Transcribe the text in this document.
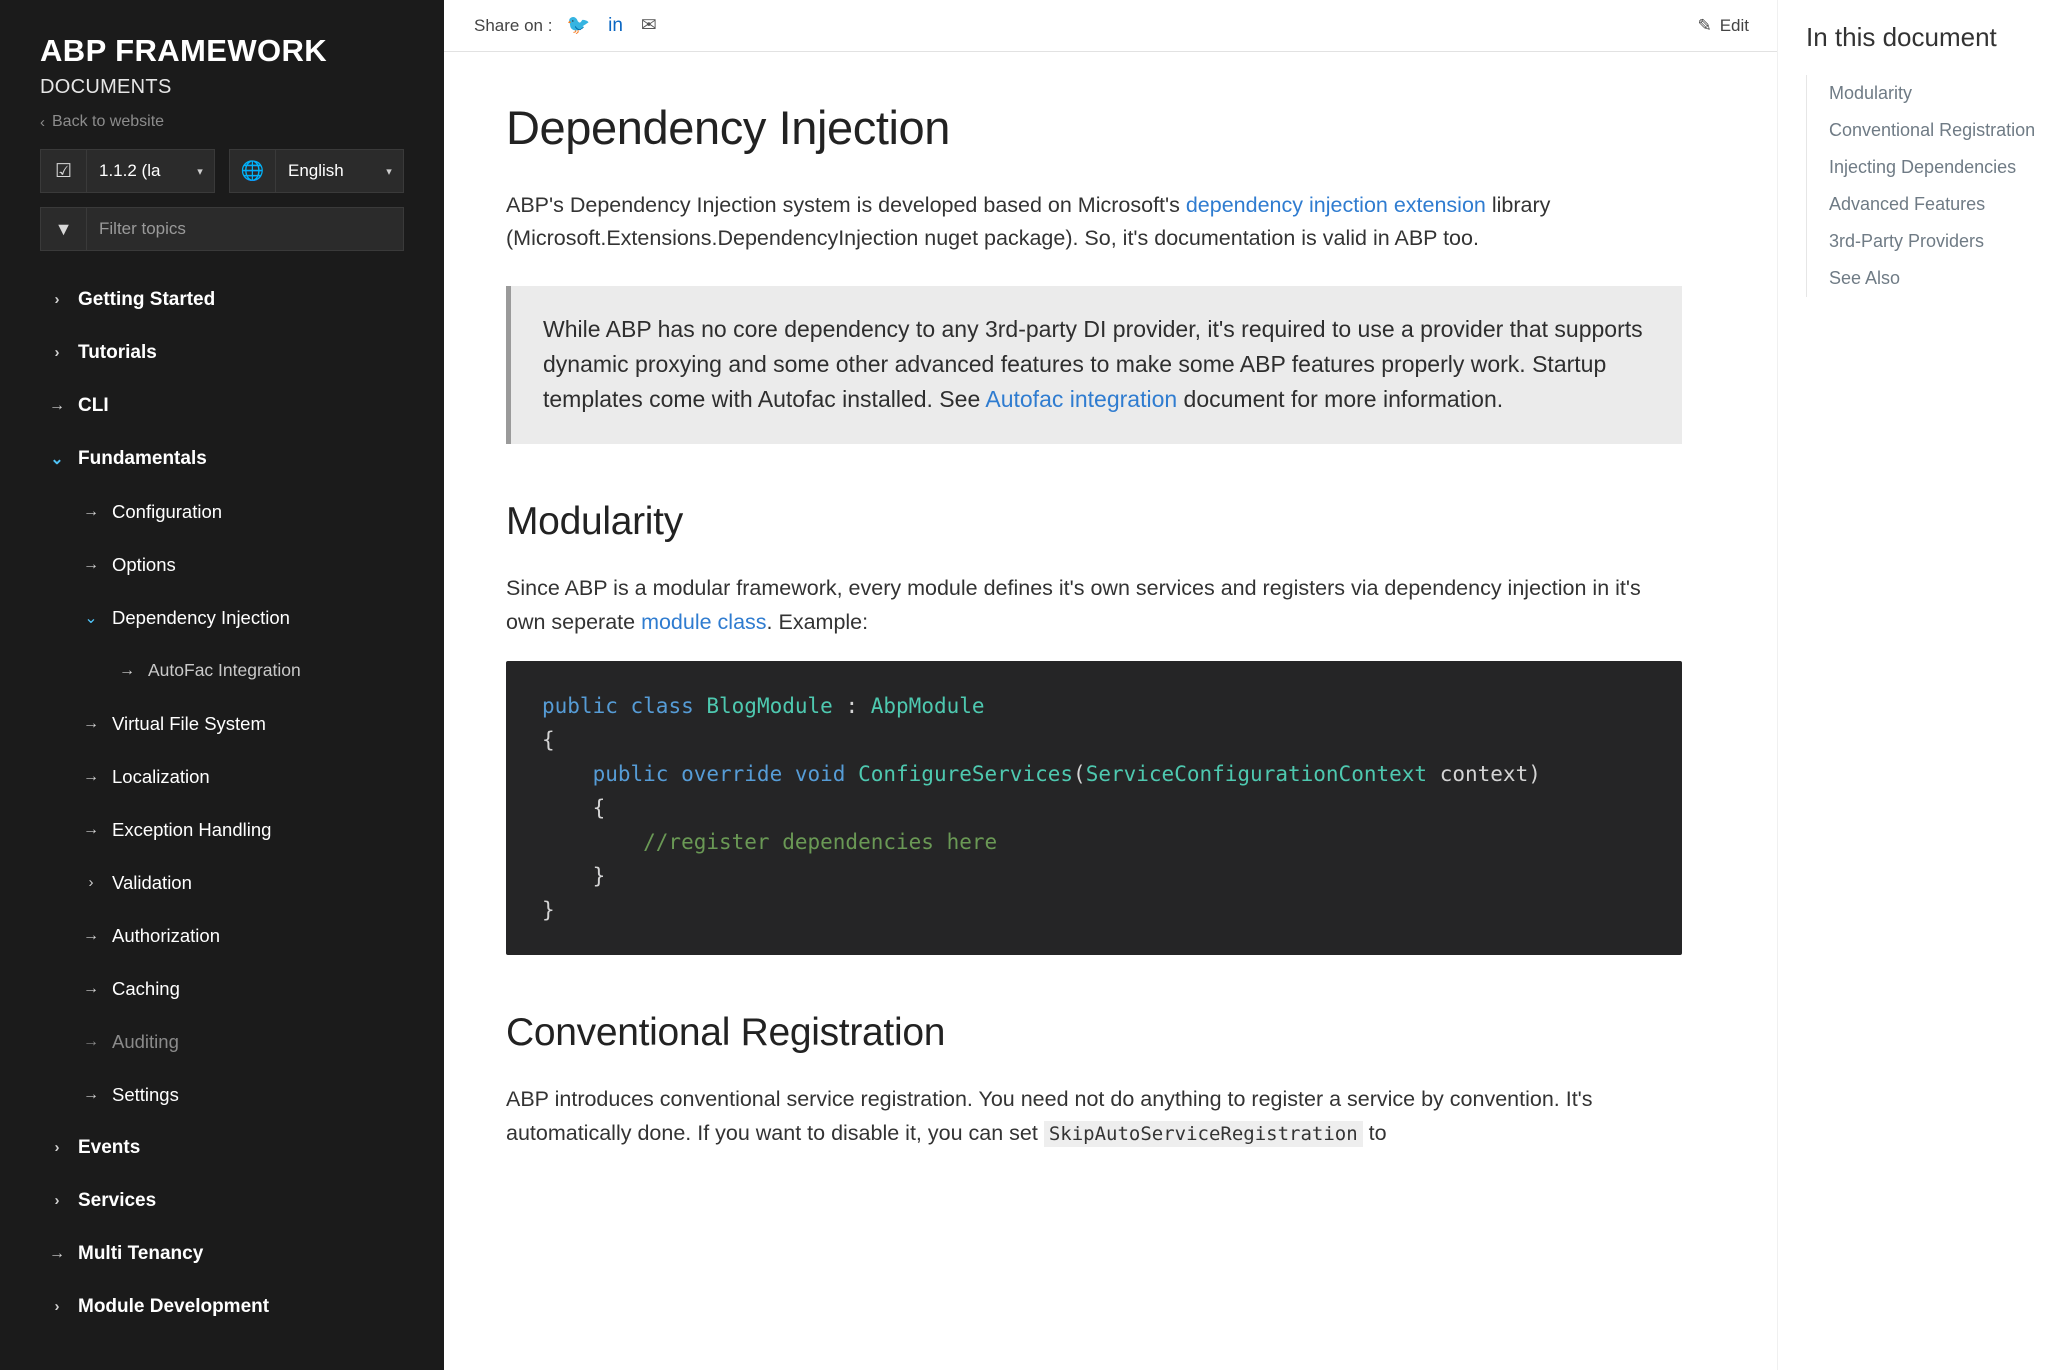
ABP FRAMEWORK
DOCUMENTS
‹ Back to website
☑	1.1.2 (la	▾	🌐	English	▾
▼
Filter topics
› Getting Started
› Tutorials
→ CLI
⌄ Fundamentals
→ Configuration
→ Options
⌄ Dependency Injection
→ AutoFac Integration
→ Virtual File System
→ Localization
→ Exception Handling
›	Validation
→ Authorization
→ Caching
→ Auditing
→ Settings
› Events
› Services
→ Multi Tenancy
› Module Development
Share on : 🐦 in ✉	✎ Edit
Dependency Injection

ABP's Dependency Injection system is developed based on Microsoft's dependency injection extension library (Microsoft.Extensions.DependencyInjection nuget package). So, it's documentation is valid in ABP too.

While ABP has no core dependency to any 3rd-party DI provider, it's required to use a provider that supports dynamic proxying and some other advanced features to make some ABP features properly work. Startup templates come with Autofac installed. See Autofac integration document for more information.

Modularity

Since ABP is a modular framework, every module defines it's own services and registers via dependency injection in it's own seperate module class. Example:

public class BlogModule : AbpModule
{
public override void ConfigureServices(ServiceConfigurationContext context)
{
//register dependencies here
}
}
Conventional Registration

ABP introduces conventional service registration. You need not do anything to register a service by convention. It's automatically done. If you want to disable it, you can set SkipAutoServiceRegistration to

In this document
Modularity
Conventional Registration
Injecting Dependencies
Advanced Features
3rd-Party Providers
See Also
